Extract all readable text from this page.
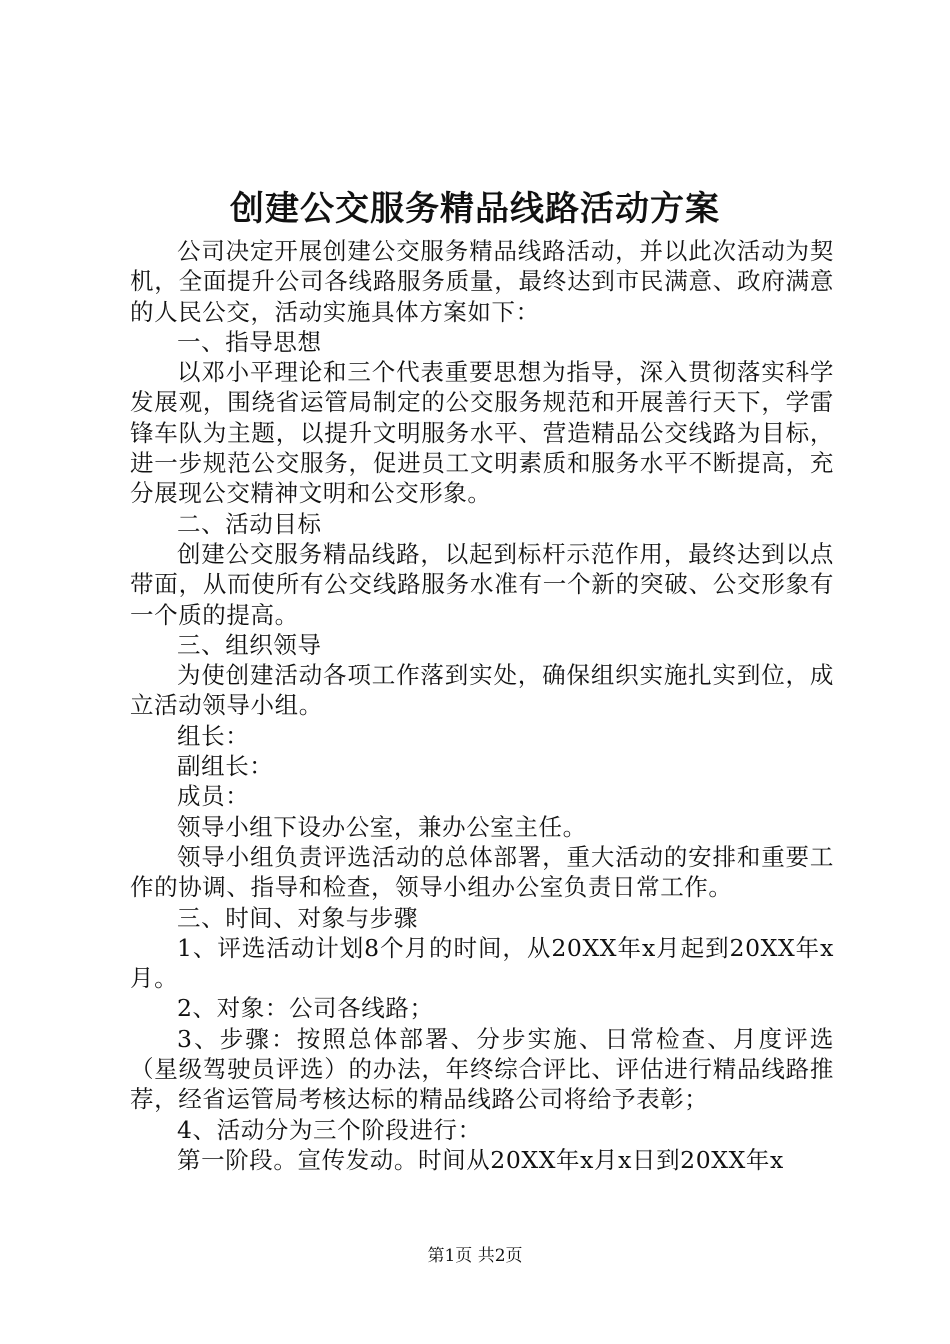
创建公交服务精品线路活动方案

公司决定开展创建公交服务精品线路活动，并以此次活动为契机，全面提升公司各线路服务质量，最终达到市民满意、政府满意的人民公交，活动实施具体方案如下：

一、指导思想

以邓小平理论和三个代表重要思想为指导，深入贯彻落实科学发展观，围绕省运管局制定的公交服务规范和开展善行天下，学雷锋车队为主题，以提升文明服务水平、营造精品公交线路为目标，进一步规范公交服务，促进员工文明素质和服务水平不断提高，充分展现公交精神文明和公交形象。

二、活动目标

创建公交服务精品线路，以起到标杆示范作用，最终达到以点带面，从而使所有公交线路服务水准有一个新的突破、公交形象有一个质的提高。

三、组织领导

为使创建活动各项工作落到实处，确保组织实施扎实到位，成立活动领导小组。

组长：

副组长：

成员：

领导小组下设办公室，兼办公室主任。

领导小组负责评选活动的总体部署，重大活动的安排和重要工作的协调、指导和检查，领导小组办公室负责日常工作。

三、时间、对象与步骤

1、评选活动计划8个月的时间，从20XX年x月起到20XX年x月。

2、对象：公司各线路；

3、步骤：按照总体部署、分步实施、日常检查、月度评选（星级驾驶员评选）的办法，年终综合评比、评估进行精品线路推荐，经省运管局考核达标的精品线路公司将给予表彰；

4、活动分为三个阶段进行：

第一阶段。宣传发动。时间从20XX年x月x日到20XX年x

第1页 共2页
